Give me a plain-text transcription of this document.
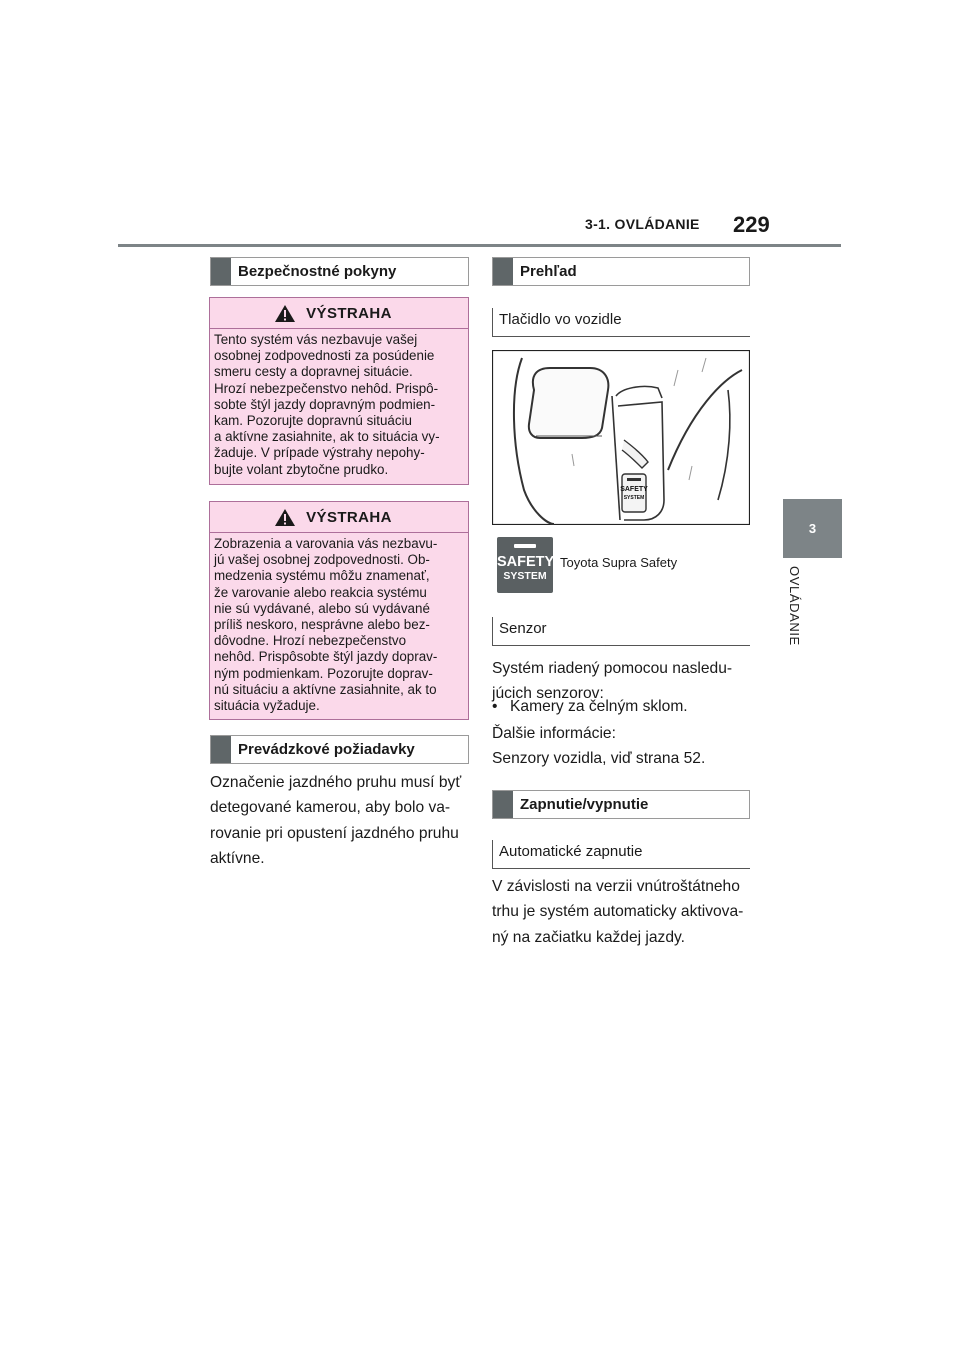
3-1. OVLÁDANIE 229
3
OVLÁDANIE
Bezpečnostné pokyny
VÝSTRAHA
Tento systém vás nezbavuje vašej
osobnej zodpovednosti za posúdenie
smeru cesty a dopravnej situácie.
Hrozí nebezpečenstvo nehôd. Prispô-
sobte štýl jazdy dopravným podmien-
kam. Pozorujte dopravnú situáciu
a aktívne zasiahnite, ak to situácia vy-
žaduje. V prípade výstrahy nepohy-
bujte volant zbytočne prudko.
VÝSTRAHA
Zobrazenia a varovania vás nezbavu-
jú vašej osobnej zodpovednosti. Ob-
medzenia systému môžu znamenať,
že varovanie alebo reakcia systému
nie sú vydávané, alebo sú vydávané
príliš neskoro, nesprávne alebo bez-
dôvodne. Hrozí nebezpečenstvo
nehôd. Prispôsobte štýl jazdy doprav-
ným podmienkam. Pozorujte doprav-
nú situáciu a aktívne zasiahnite, ak to
situácia vyžaduje.
Prevádzkové požiadavky
Označenie jazdného pruhu musí byť
detegované kamerou, aby bolo va-
rovanie pri opustení jazdného pruhu
aktívne.
Prehľad
Tlačidlo vo vozidle
SAFETY
SYSTEM
SAFETY
SYSTEM
Toyota Supra Safety
Senzor
Systém riadený pomocou nasledu-
júcich senzorov:
• Kamery za čelným sklom.
Ďalšie informácie:
Senzory vozidla, viď strana 52.
Zapnutie/vypnutie
Automatické zapnutie
V závislosti na verzii vnútroštátneho
trhu je systém automaticky aktivova-
ný na začiatku každej jazdy.
